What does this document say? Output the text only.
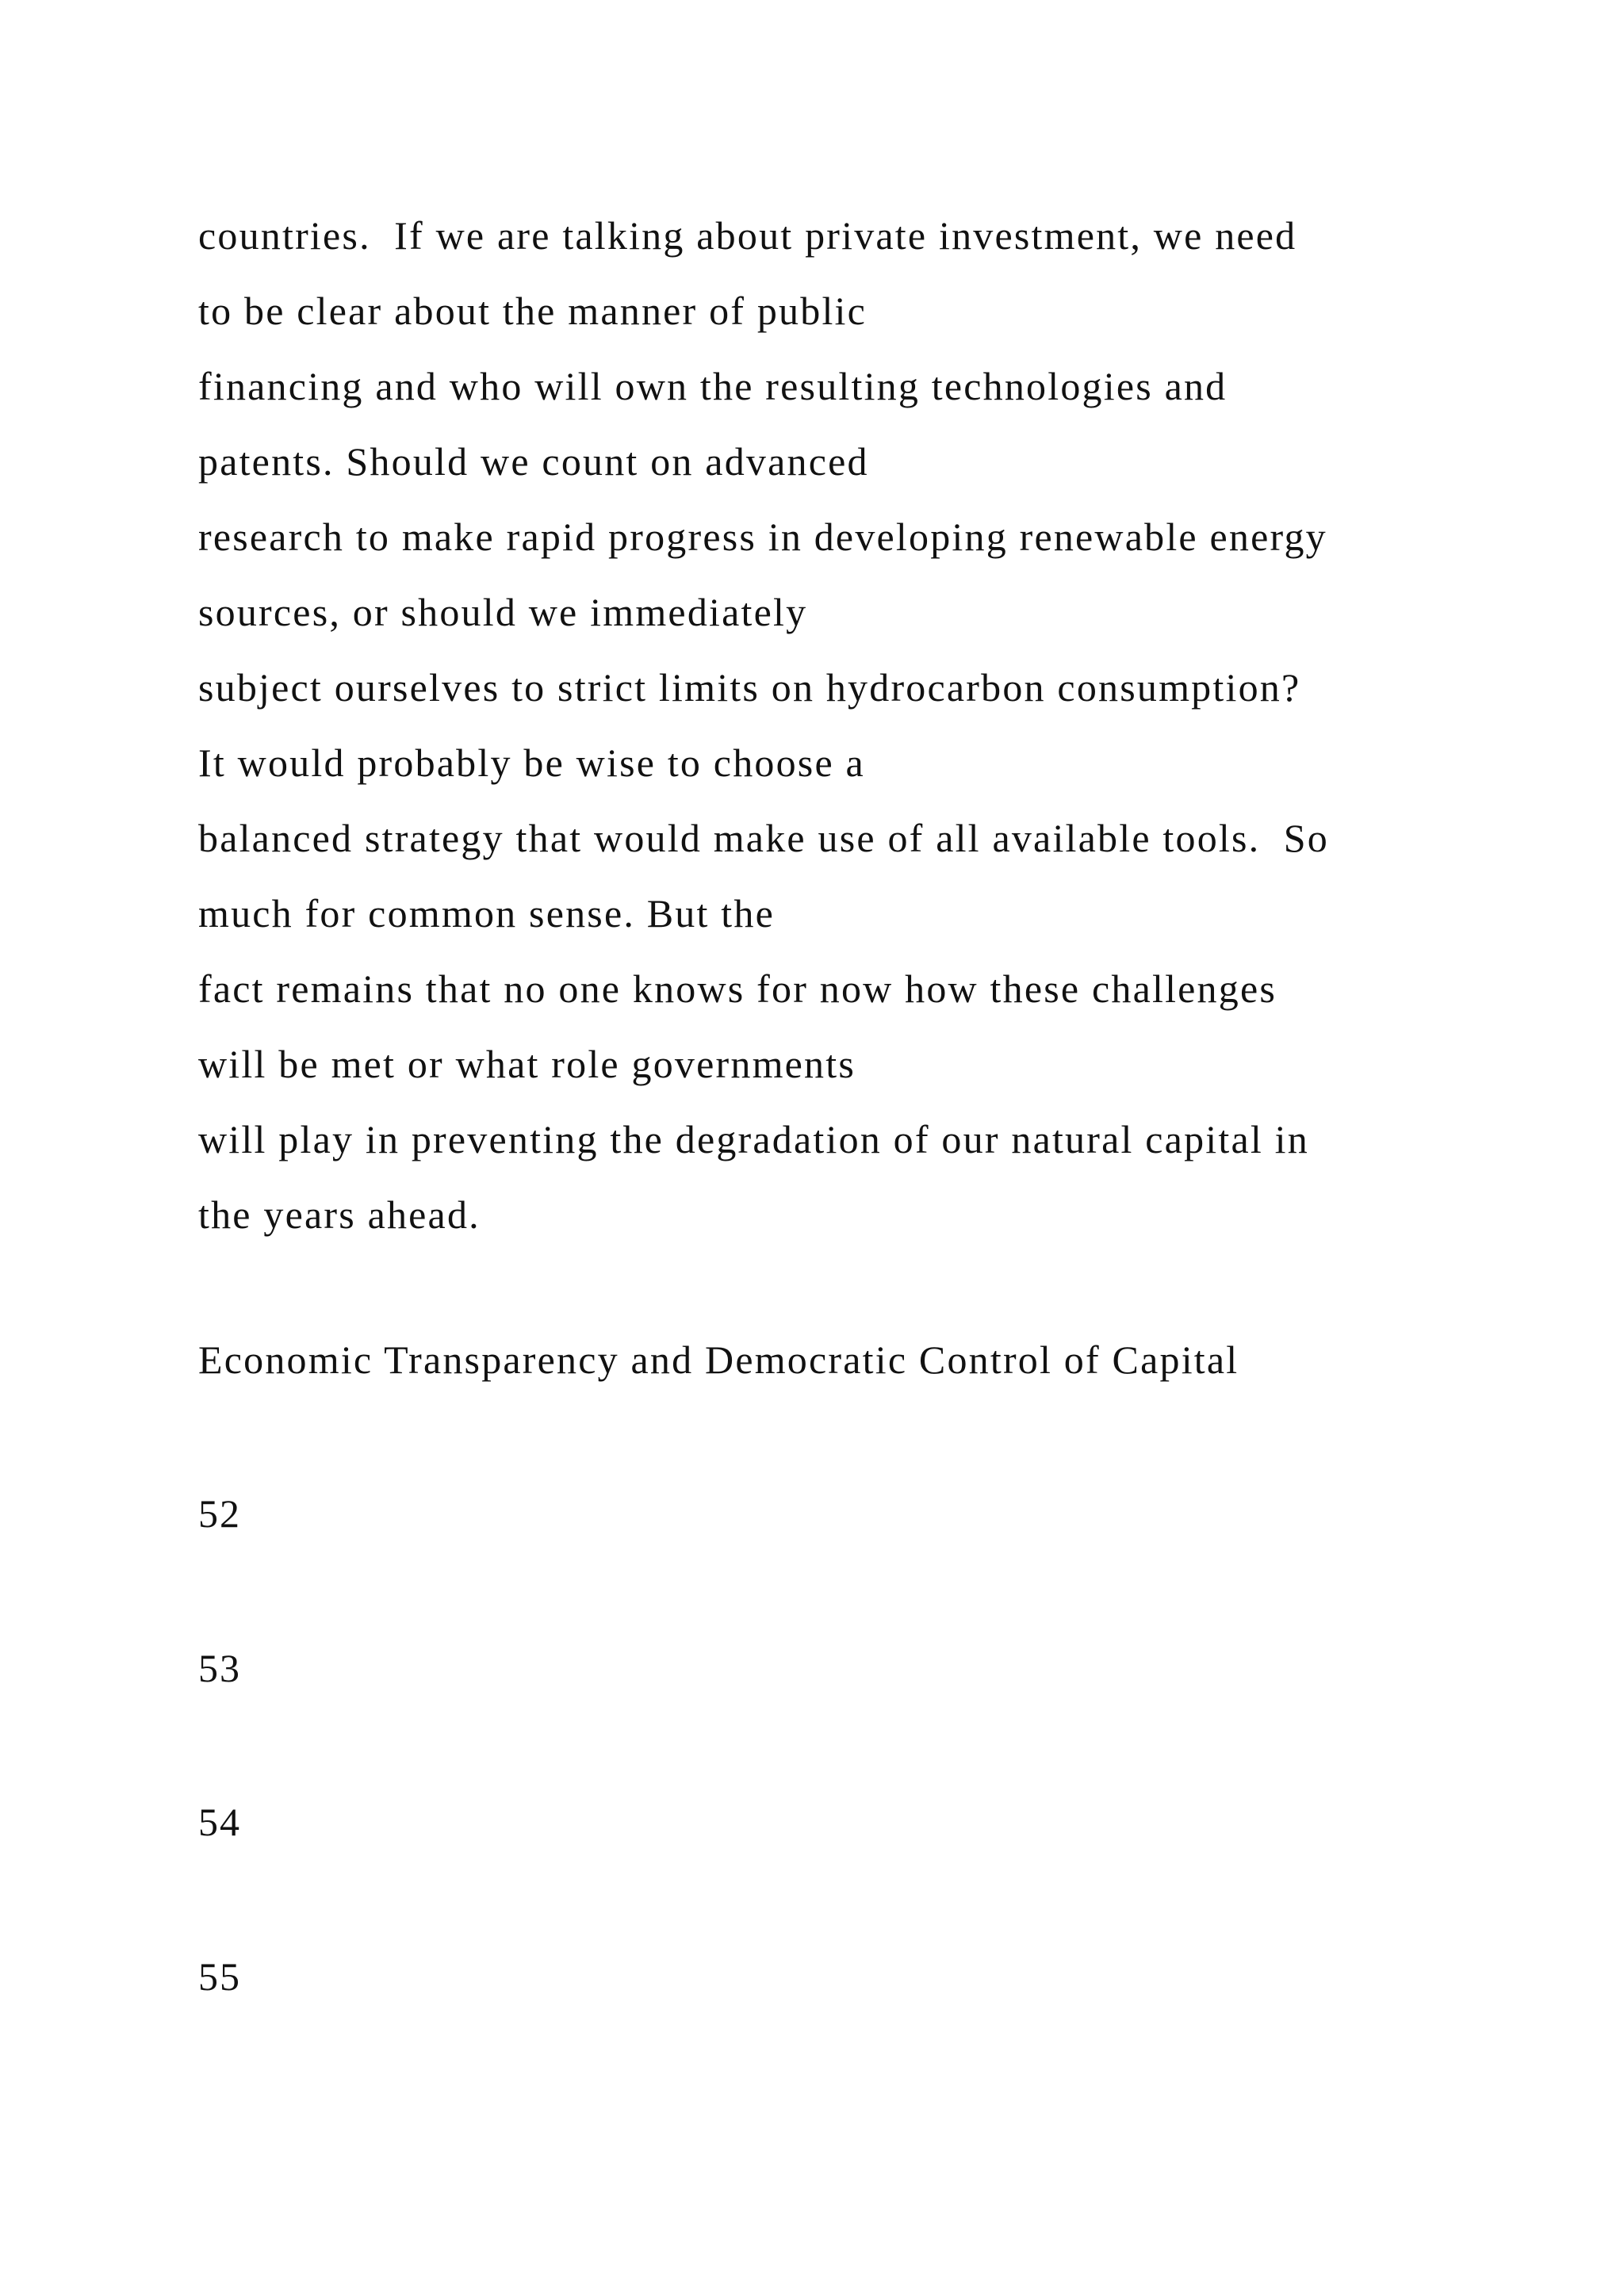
countries.  If we are talking about private investment, we need
to be clear about the manner of public
financing and who will own the resulting technologies and
patents. Should we count on advanced
research to make rapid progress in developing renewable energy
sources, or should we immediately
subject ourselves to strict limits on hydrocarbon consumption?
It would probably be wise to choose a
balanced strategy that would make use of all available tools.  So
much for common sense. But the
fact remains that no one knows for now how these challenges
will be met or what role governments
will play in preventing the degradation of our natural capital in
the years ahead.
Economic Transparency and Democratic Control of Capital
52
53
54
55
